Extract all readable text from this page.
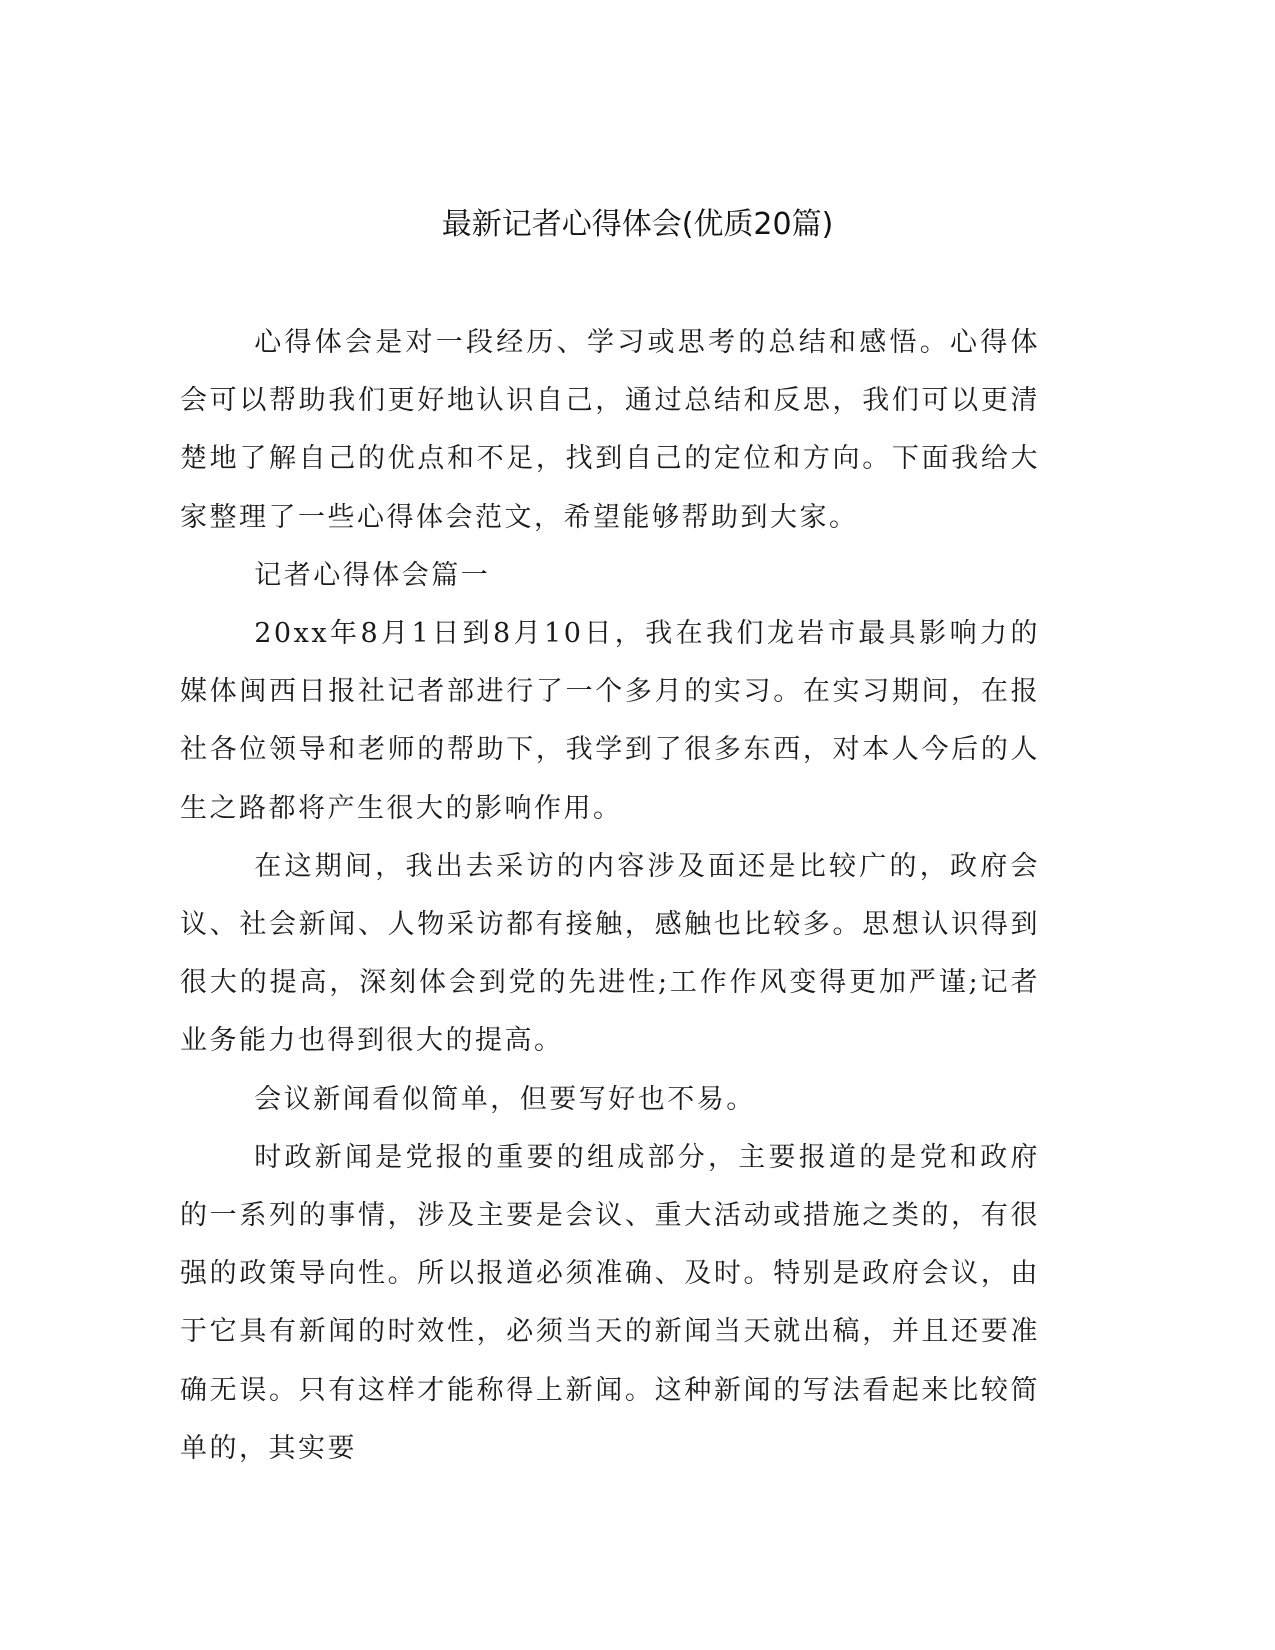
最新记者心得体会(优质20篇)

心得体会是对一段经历、学习或思考的总结和感悟。心得体会可以帮助我们更好地认识自己，通过总结和反思，我们可以更清楚地了解自己的优点和不足，找到自己的定位和方向。下面我给大家整理了一些心得体会范文，希望能够帮助到大家。

记者心得体会篇一

20xx年8月1日到8月10日，我在我们龙岩市最具影响力的媒体闽西日报社记者部进行了一个多月的实习。在实习期间，在报社各位领导和老师的帮助下，我学到了很多东西，对本人今后的人生之路都将产生很大的影响作用。

在这期间，我出去采访的内容涉及面还是比较广的，政府会议、社会新闻、人物采访都有接触，感触也比较多。思想认识得到很大的提高，深刻体会到党的先进性;工作作风变得更加严谨;记者业务能力也得到很大的提高。

会议新闻看似简单，但要写好也不易。

时政新闻是党报的重要的组成部分，主要报道的是党和政府的一系列的事情，涉及主要是会议、重大活动或措施之类的，有很强的政策导向性。所以报道必须准确、及时。特别是政府会议，由于它具有新闻的时效性，必须当天的新闻当天就出稿，并且还要准确无误。只有这样才能称得上新闻。这种新闻的写法看起来比较简单的，其实要
